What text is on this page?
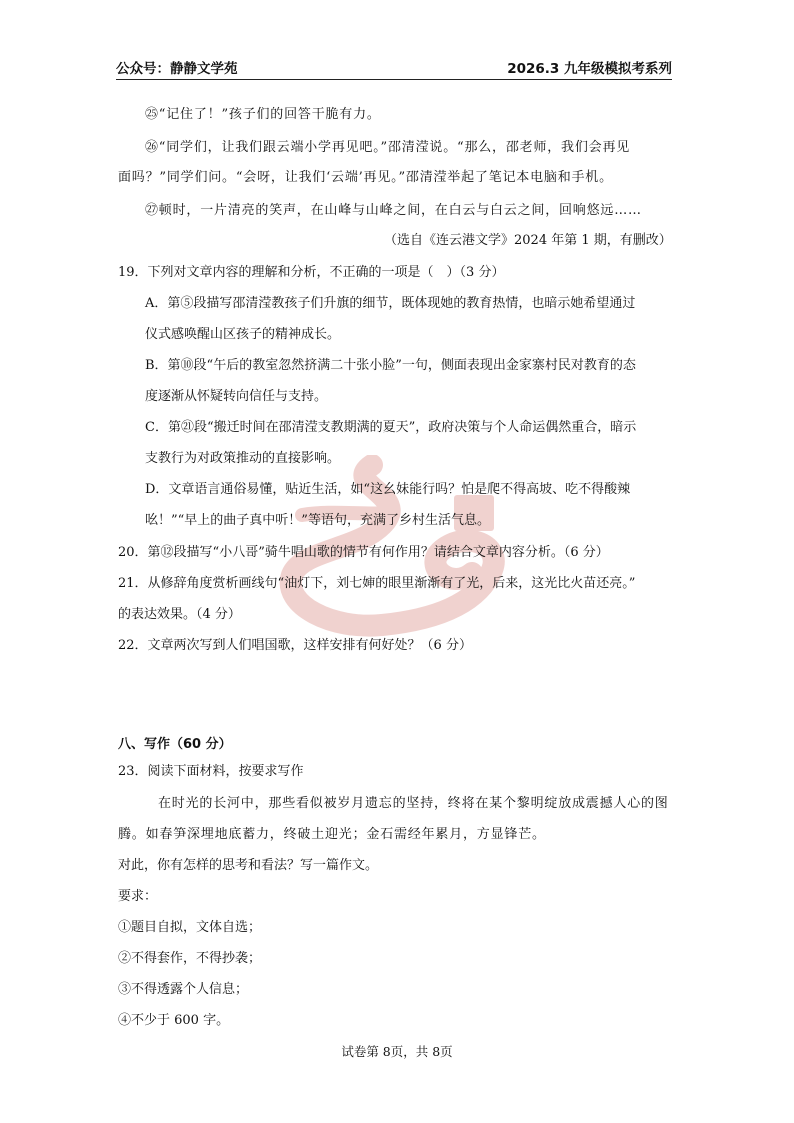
公众号：静静文学苑	2026.3 九年级模拟考系列
㉕“记住了！”孩子们的回答干脆有力。
㉖“同学们，让我们跟云端小学再见吧。”邵清滢说。“那么，邵老师，我们会再见
面吗？”同学们问。“会呀，让我们‘云端’再见。”邵清滢举起了笔记本电脑和手机。
㉗顿时，一片清亮的笑声，在山峰与山峰之间，在白云与白云之间，回响悠远……
（选自《连云港文学》2024 年第 1 期，有删改）
19．下列对文章内容的理解和分析，不正确的一项是（　）（3 分）
A．第⑤段描写邵清滢教孩子们升旗的细节，既体现她的教育热情，也暗示她希望通过
仪式感唤醒山区孩子的精神成长。
B．第⑩段“午后的教室忽然挤满二十张小脸”一句，侧面表现出金家寨村民对教育的态
度逐渐从怀疑转向信任与支持。
C．第㉑段“搬迁时间在邵清滢支教期满的夏天”，政府决策与个人命运偶然重合，暗示
支教行为对政策推动的直接影响。
D．文章语言通俗易懂，贴近生活，如“这幺妹能行吗？怕是爬不得高坡、吃不得酸辣
吆！”“早上的曲子真中听！”等语句，充满了乡村生活气息。
20．第⑫段描写“小八哥”骑牛唱山歌的情节有何作用？请结合文章内容分析。（6 分）
21．从修辞角度赏析画线句“油灯下，刘七婶的眼里渐渐有了光，后来，这光比火苗还亮。”
的表达效果。（4 分）
22．文章两次写到人们唱国歌，这样安排有何好处？（6 分）
八、写作（60 分）
23．阅读下面材料，按要求写作
在时光的长河中，那些看似被岁月遗忘的坚持，终将在某个黎明绽放成震撼人心的图
腾。如春笋深埋地底蓄力，终破土迎光；金石需经年累月，方显锋芒。
对此，你有怎样的思考和看法？写一篇作文。
要求：
①题目自拟，文体自选；
②不得套作，不得抄袭；
③不得透露个人信息；
④不少于 600 字。
试卷第 8页，共 8页
